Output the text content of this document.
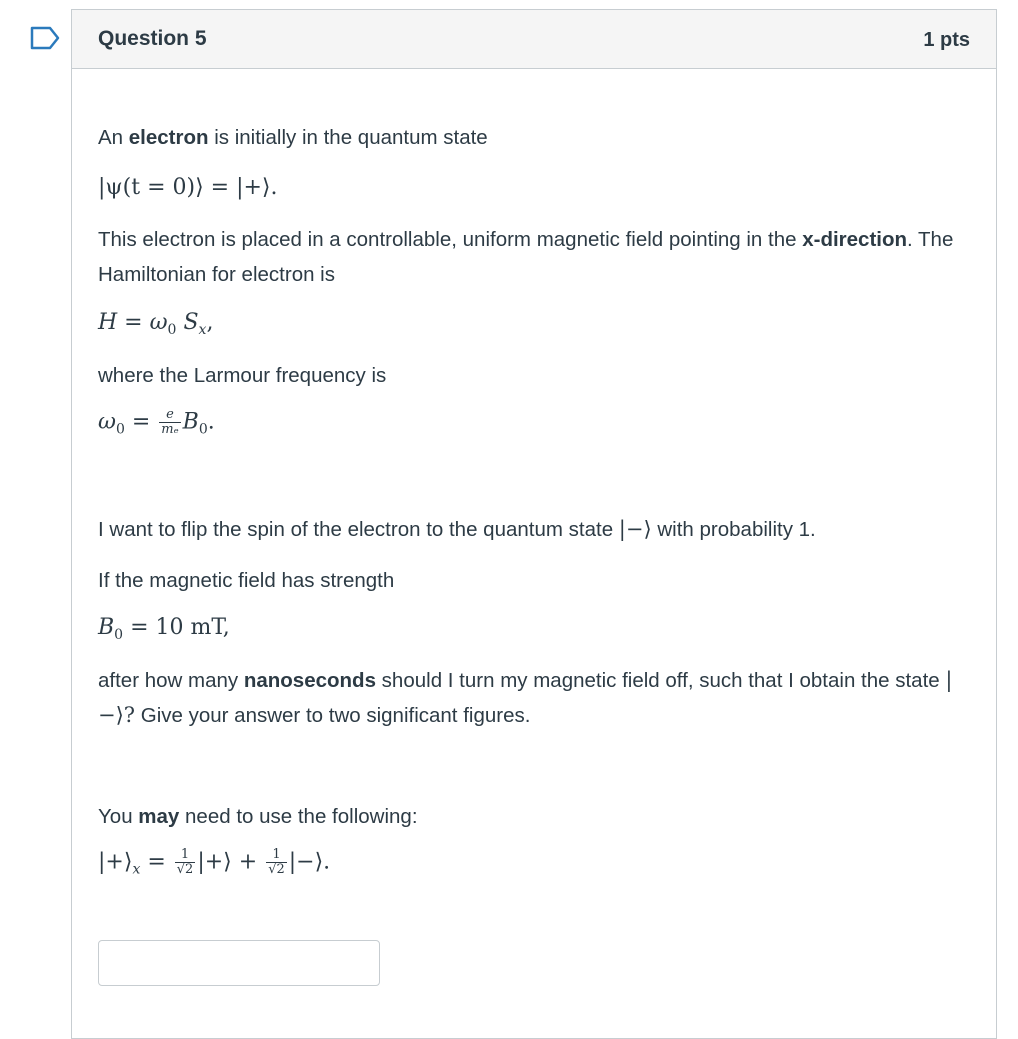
Question 5	1 pts
An electron is initially in the quantum state
|ψ(t = 0)⟩ = |+⟩.
This electron is placed in a controllable, uniform magnetic field pointing in the x-direction. The Hamiltonian for electron is
$H = \omega_0$ $S_x$,
where the Larmour frequency is
$\omega_0 = \frac{e}{\text{mₑ}} B_0$.
I want to flip the spin of the electron to the quantum state |−⟩ with probability 1.
If the magnetic field has strength
$B_0 = 10$ mT,
after how many nanoseconds should I turn my magnetic field off, such that I obtain the state |−⟩? Give your answer to two significant figures.
You may need to use the following:
$|+⟩_x = \frac{1}{√2}$ |+⟩ + $\frac{1}{√2}$ |−⟩.
